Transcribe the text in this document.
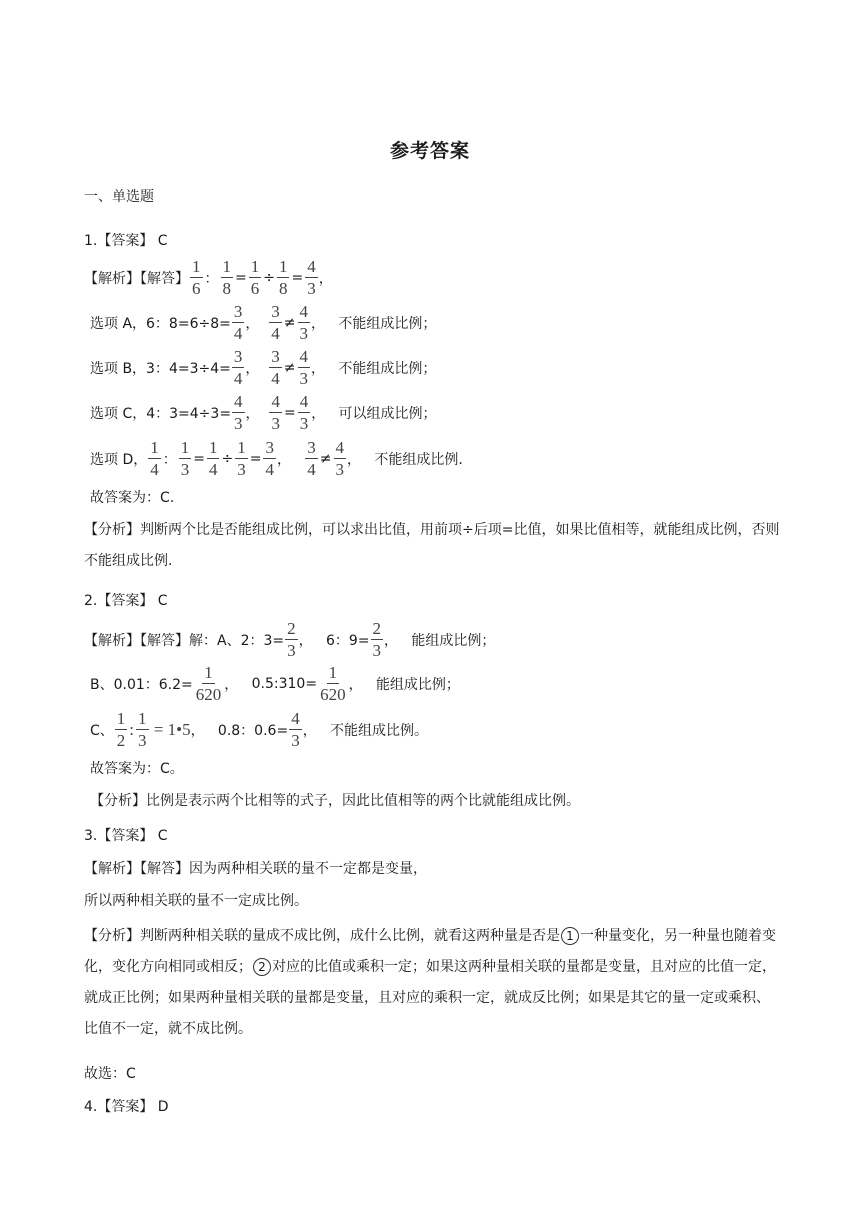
参考答案
一、单选题
1.【答案】 C
【解析】【解答】 $\frac{1}{6}$ ： $\frac{1}{8} = \frac{1}{6} \div \frac{1}{8} = \frac{4}{3}$ ，
选项 A，6：$8=6\div 8= \frac{3}{4}$ ， $\frac{3}{4} \ne \frac{4}{3}$ ， 不能组成比例；
选项 B，3：$4=3\div 4= \frac{3}{4}$ ， $\frac{3}{4} \ne \frac{4}{3}$ ， 不能组成比例；
选项 C，4：$3=4\div 3= \frac{4}{3}$ ， $\frac{4}{3} = \frac{4}{3}$ ， 可以组成比例；
选项 D， $\frac{1}{4}$ ： $\frac{1}{3} = \frac{1}{4} \div \frac{1}{3} = \frac{3}{4}$ ， $\frac{3}{4} \ne \frac{4}{3}$ ， 不能组成比例.
故答案为：C.
【分析】判断两个比是否能组成比例，可以求出比值，用前项÷后项=比值，如果比值相等，就能组成比例，否则不能组成比例.
2.【答案】 C
【解析】【解答】解：A、2：$3= \frac{2}{3}$ ， 6：$9= \frac{2}{3}$ ， 能组成比例；
B、0.01：$6.2= \frac{1}{620}$ ， 0.5:310= $\frac{1}{620}$ ， 能组成比例；
C、 $\frac{1}{2}$ : $\frac{1}{3}$ = 1•5 ， 0.8：$0.6= \frac{4}{3}$ ， 不能组成比例。
故答案为：C。
【分析】比例是表示两个比相等的式子，因此比值相等的两个比就能组成比例。
3.【答案】 C
【解析】【解答】因为两种相关联的量不一定都是变量，
所以两种相关联的量不一定成比例。
【分析】判断两种相关联的量成不成比例，成什么比例，就看这两种量是否是 1 一种量变化，另一种量也随着变化，变化方向相同或相反； 2 对应的比值或乘积一定；如果这两种量相关联的量都是变量，且对应的比值一定，就成正比例；如果两种量相关联的量都是变量，且对应的乘积一定，就成反比例；如果是其它的量一定或乘积、比值不一定，就不成比例。
故选：C
4.【答案】 D
